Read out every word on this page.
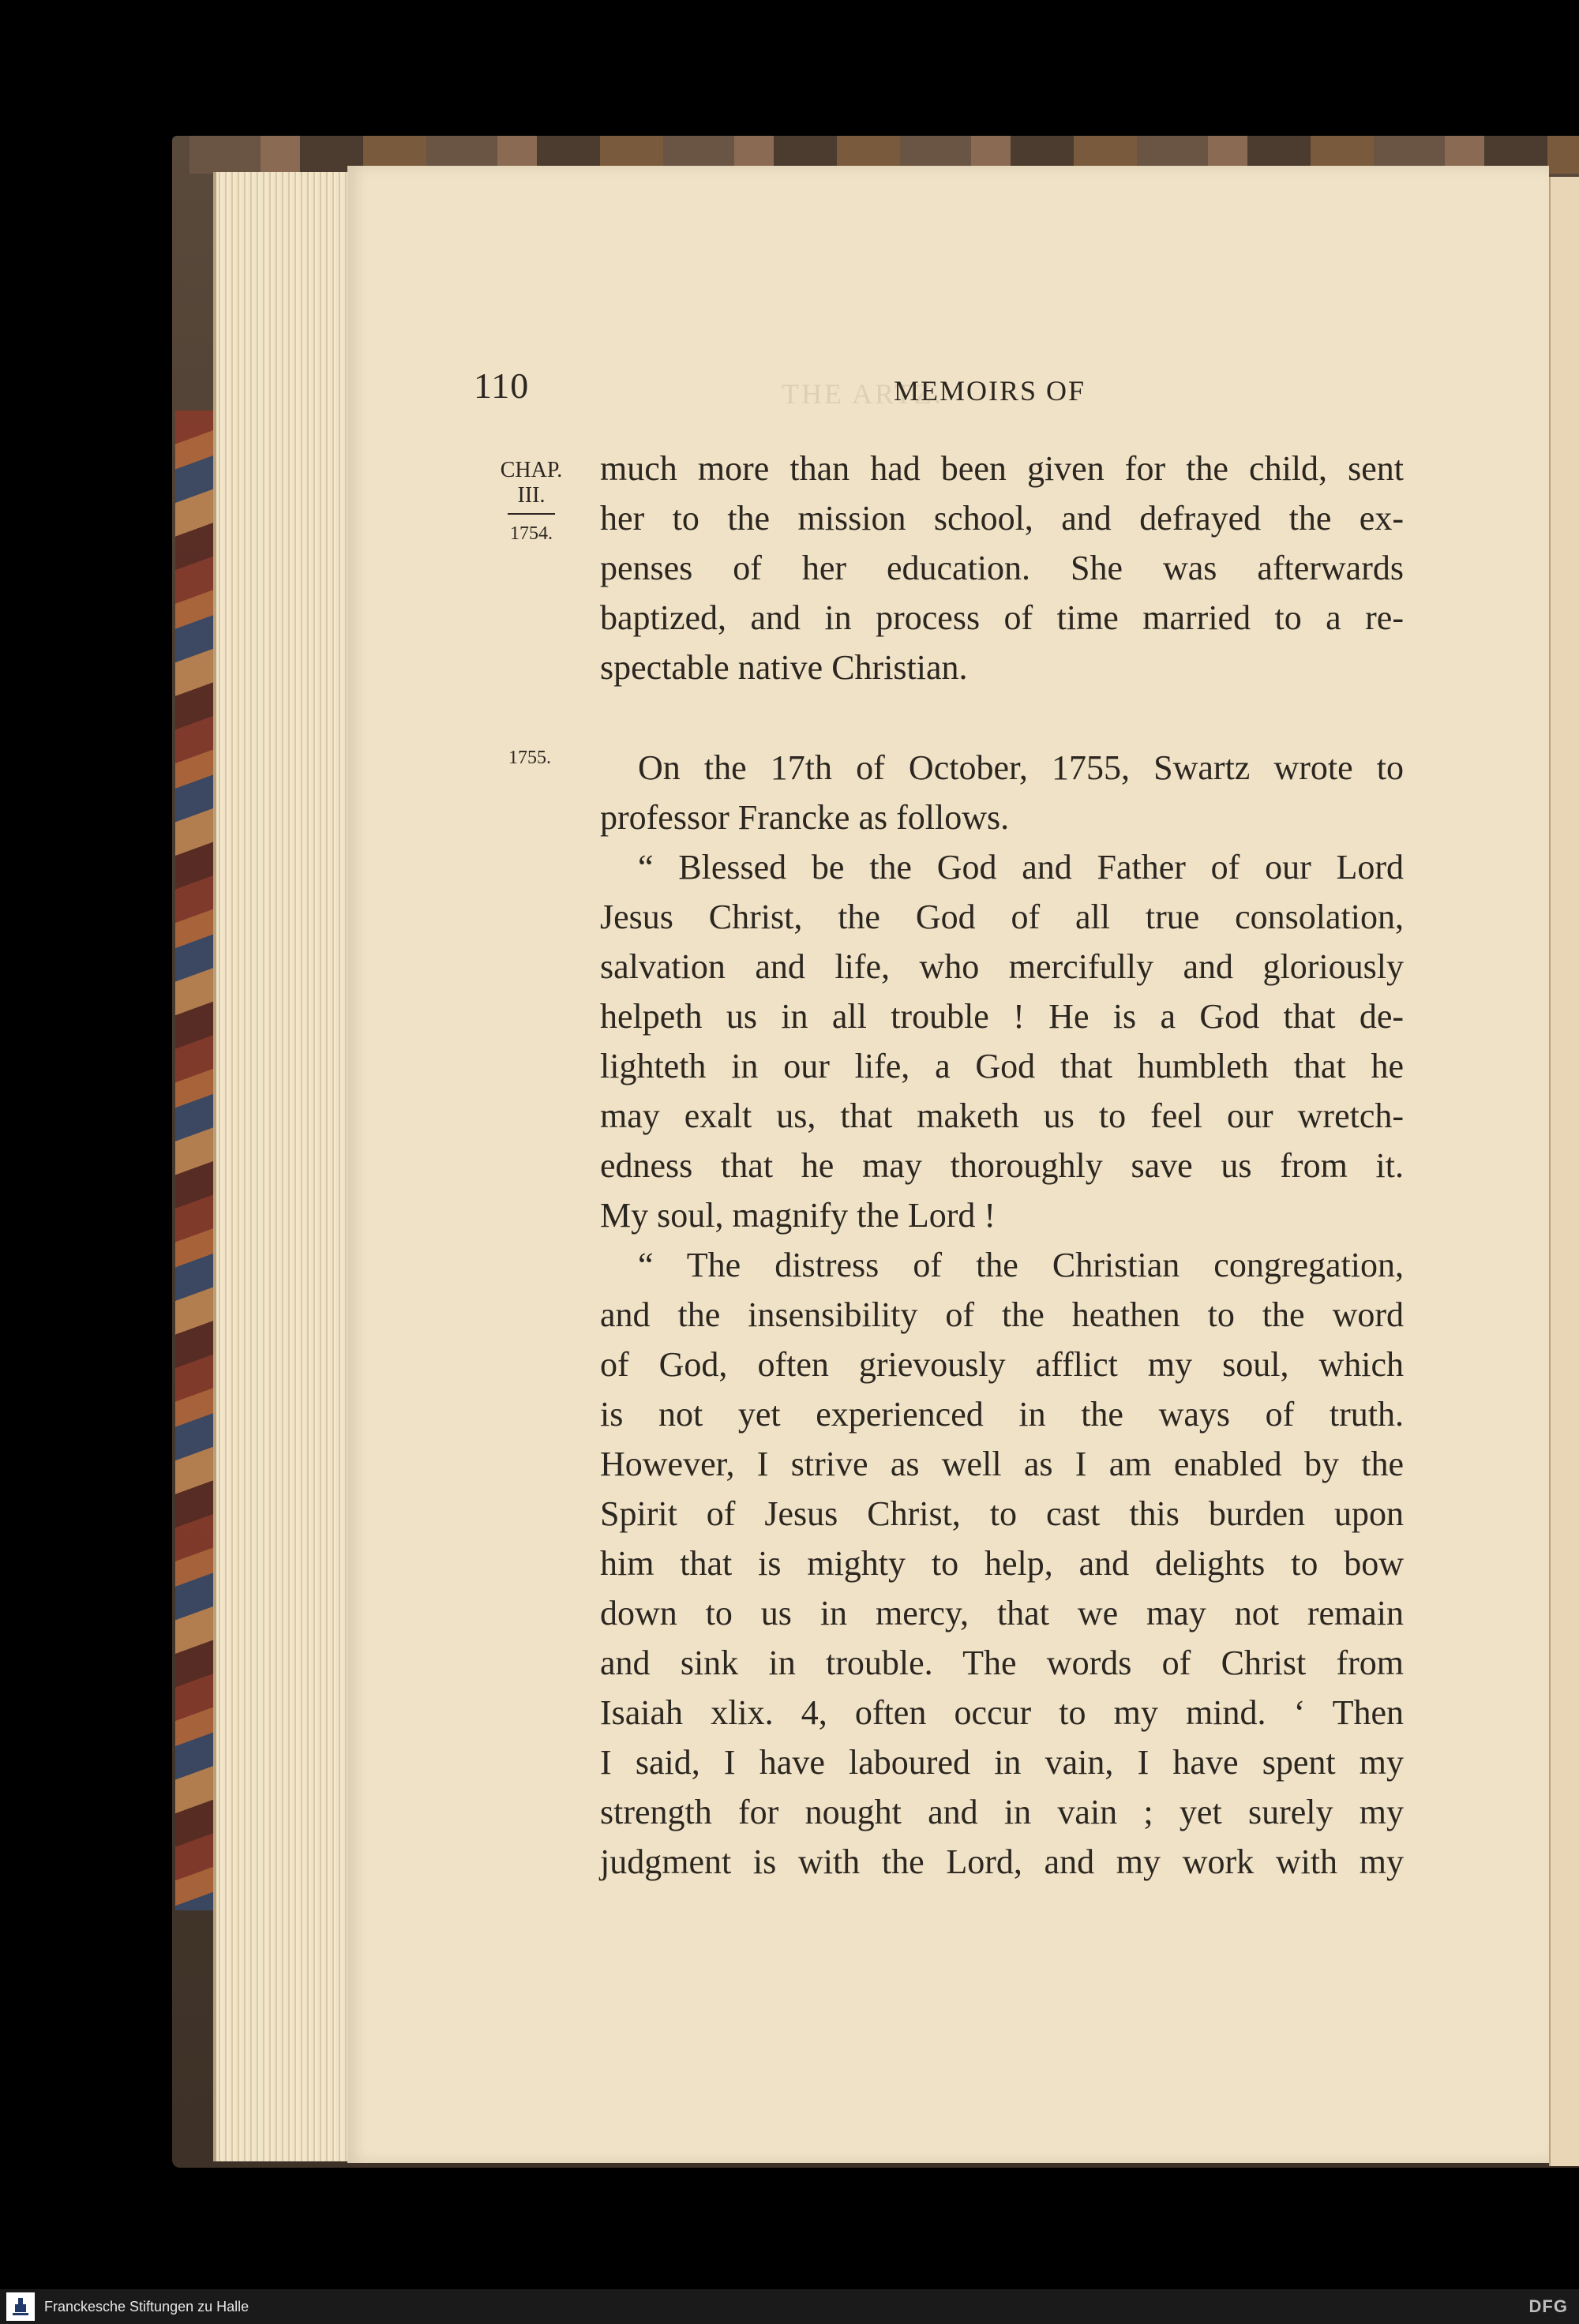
THE ARTZ.
110	MEMOIRS OF
CHAP.
III.
1754.
1755.
much more than had been given for the child, sent
her to the mission school, and defrayed the ex-
penses of her education. She was afterwards
baptized, and in process of time married to a re-
spectable native Christian.
On the 17th of October, 1755, Swartz wrote to
professor Francke as follows.
“ Blessed be the God and Father of our Lord
Jesus Christ, the God of all true consolation,
salvation and life, who mercifully and gloriously
helpeth us in all trouble ! He is a God that de-
lighteth in our life, a God that humbleth that he
may exalt us, that maketh us to feel our wretch-
edness that he may thoroughly save us from it.
My soul, magnify the Lord !
“ The distress of the Christian congregation,
and the insensibility of the heathen to the word
of God, often grievously afflict my soul, which
is not yet experienced in the ways of truth.
However, I strive as well as I am enabled by the
Spirit of Jesus Christ, to cast this burden upon
him that is mighty to help, and delights to bow
down to us in mercy, that we may not remain
and sink in trouble. The words of Christ from
Isaiah xlix. 4, often occur to my mind. ‘ Then
I said, I have laboured in vain, I have spent my
strength for nought and in vain ; yet surely my
judgment is with the Lord, and my work with my
Franckesche Stiftungen zu Halle	DFG
